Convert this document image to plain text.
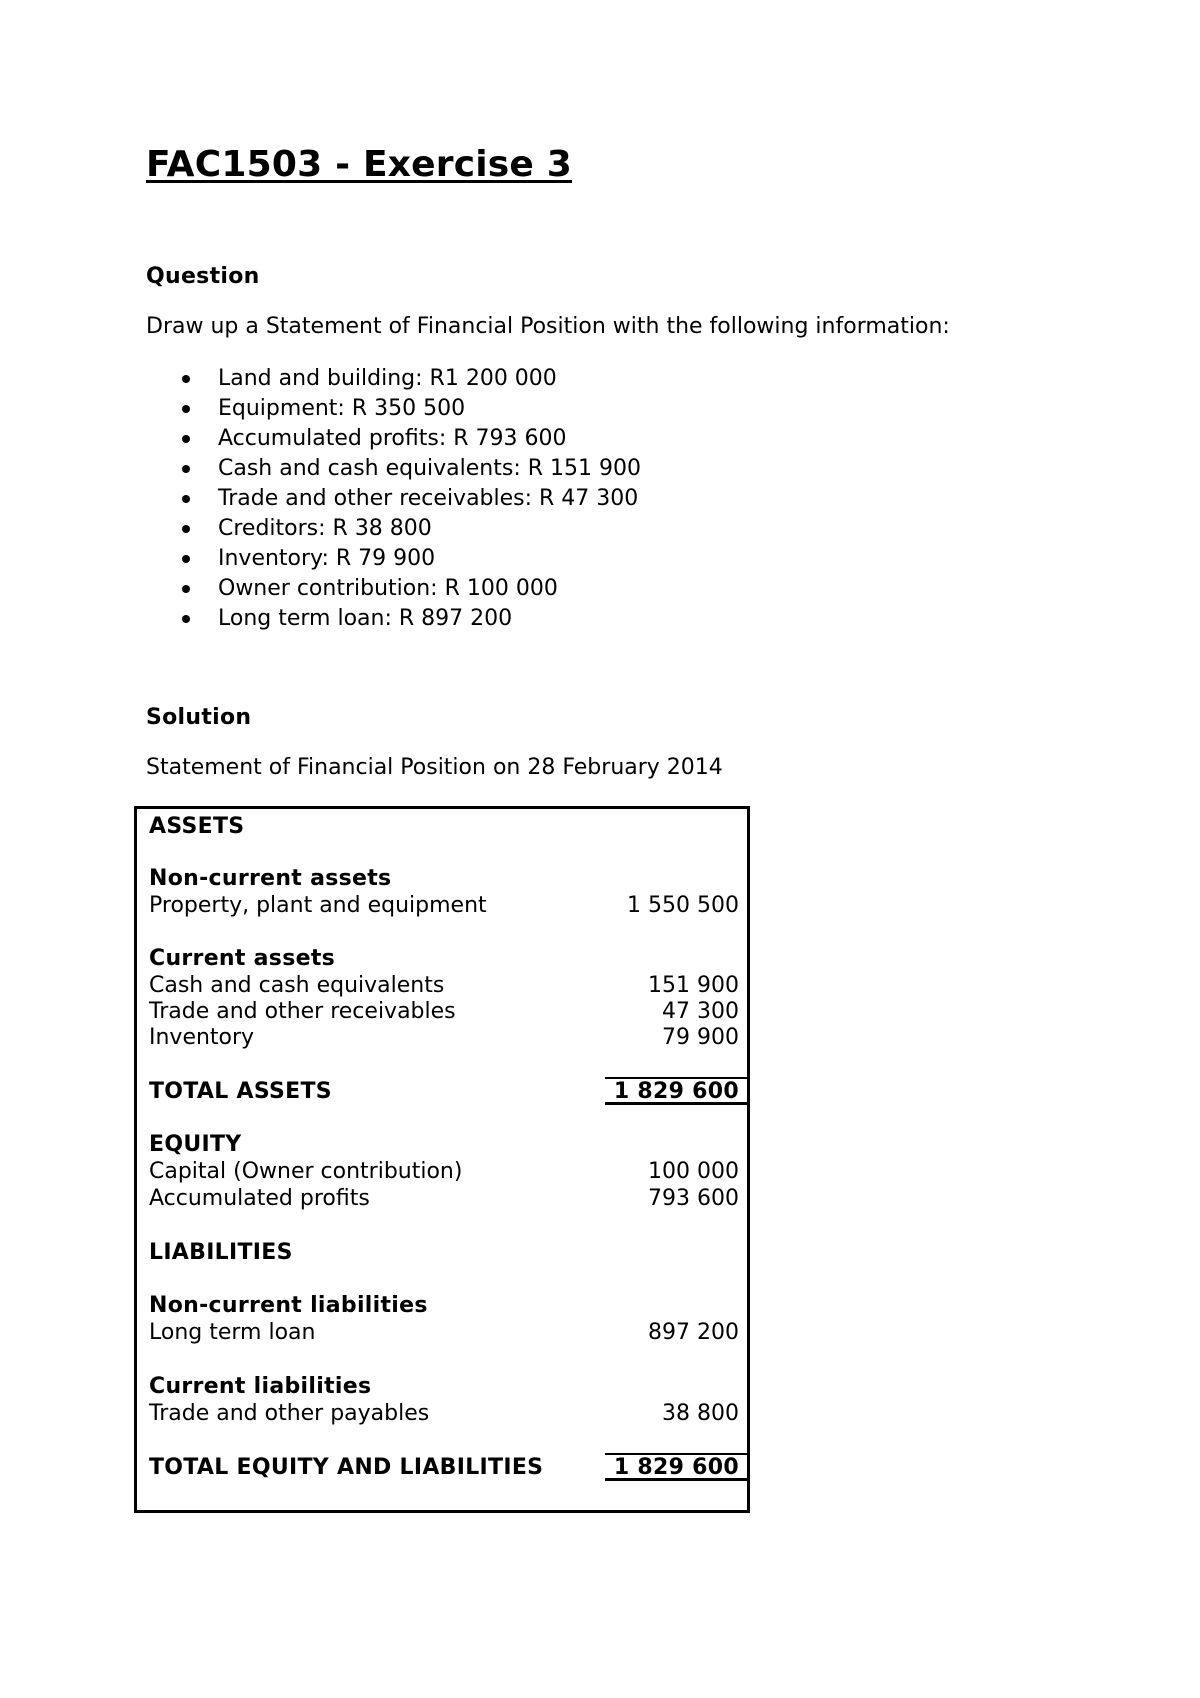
FAC1503 - Exercise 3
Question

Draw up a Statement of Financial Position with the following information:

Land and building: R1 200 000
Equipment: R 350 500
Accumulated profits: R 793 600
Cash and cash equivalents: R 151 900
Trade and other receivables: R 47 300
Creditors: R 38 800
Inventory: R 79 900
Owner contribution: R 100 000
Long term loan: R 897 200
Solution

Statement of Financial Position on 28 February 2014

ASSETS
Non-current assets
Property, plant and equipment	1 550 500
Current assets
Cash and cash equivalents	151 900
Trade and other receivables	47 300
Inventory	79 900
TOTAL ASSETS	1 829 600
EQUITY
Capital (Owner contribution)	100 000
Accumulated profits	793 600
LIABILITIES
Non-current liabilities
Long term loan	897 200
Current liabilities
Trade and other payables	38 800
TOTAL EQUITY AND LIABILITIES	1 829 600
